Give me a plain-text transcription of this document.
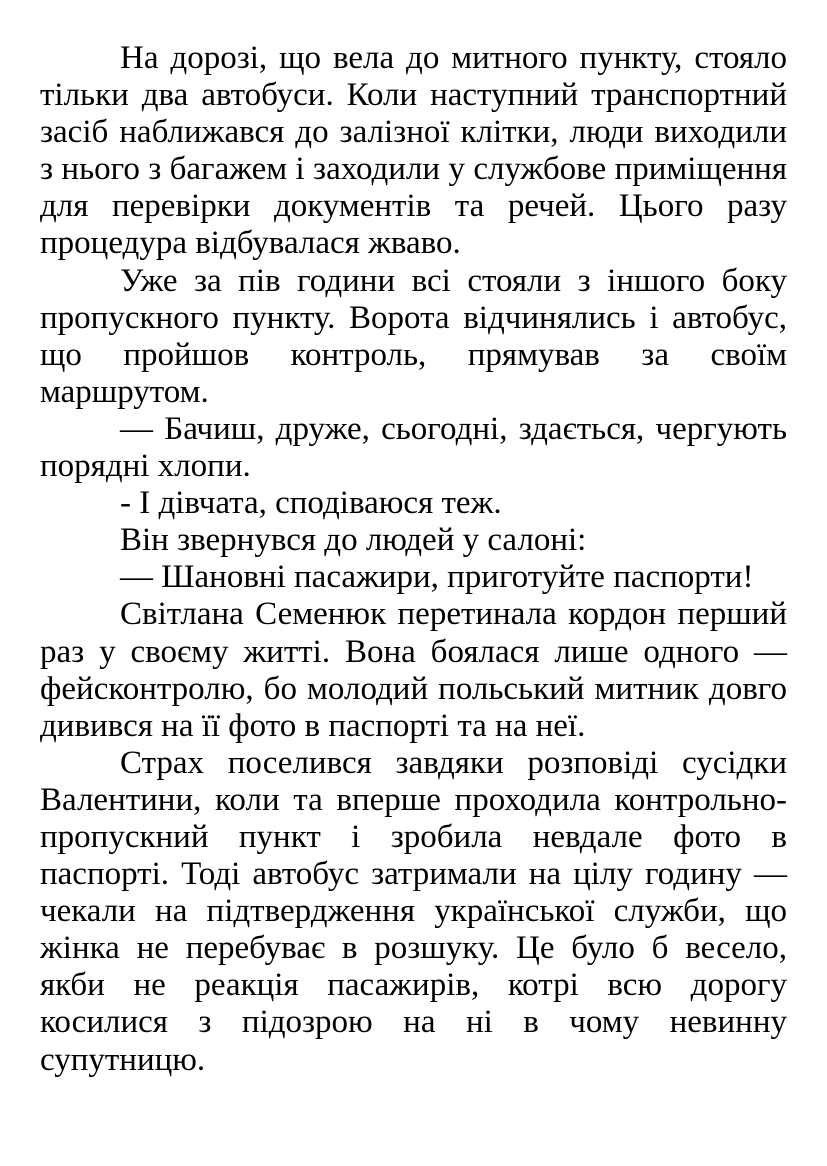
На дорозі, що вела до митного пункту, стояло тільки два автобуси. Коли наступний транспортний засіб наближався до залізної клітки, люди виходили з нього з багажем і заходили у службове приміщення для перевірки документів та речей. Цього разу процедура відбувалася жваво.

Уже за пів години всі стояли з іншого боку пропускного пункту. Ворота відчинялись і автобус, що пройшов контроль, прямував за своїм маршрутом.

— Бачиш, друже, сьогодні, здається, чергують порядні хлопи.

- І дівчата, сподіваюся теж.

Він звернувся до людей у салоні:

— Шановні пасажири, приготуйте паспорти!

Світлана Семенюк перетинала кордон перший раз у своєму житті. Вона боялася лише одного — фейсконтролю, бо молодий польський митник довго дивився на її фото в паспорті та на неї.

Страх поселився завдяки розповіді сусідки Валентини, коли та вперше проходила контрольно-пропускний пункт і зробила невдале фото в паспорті. Тоді автобус затримали на цілу годину — чекали на підтвердження української служби, що жінка не перебуває в розшуку. Це було б весело, якби не реакція пасажирів, котрі всю дорогу косилися з підозрою на ні в чому невинну супутницю.
